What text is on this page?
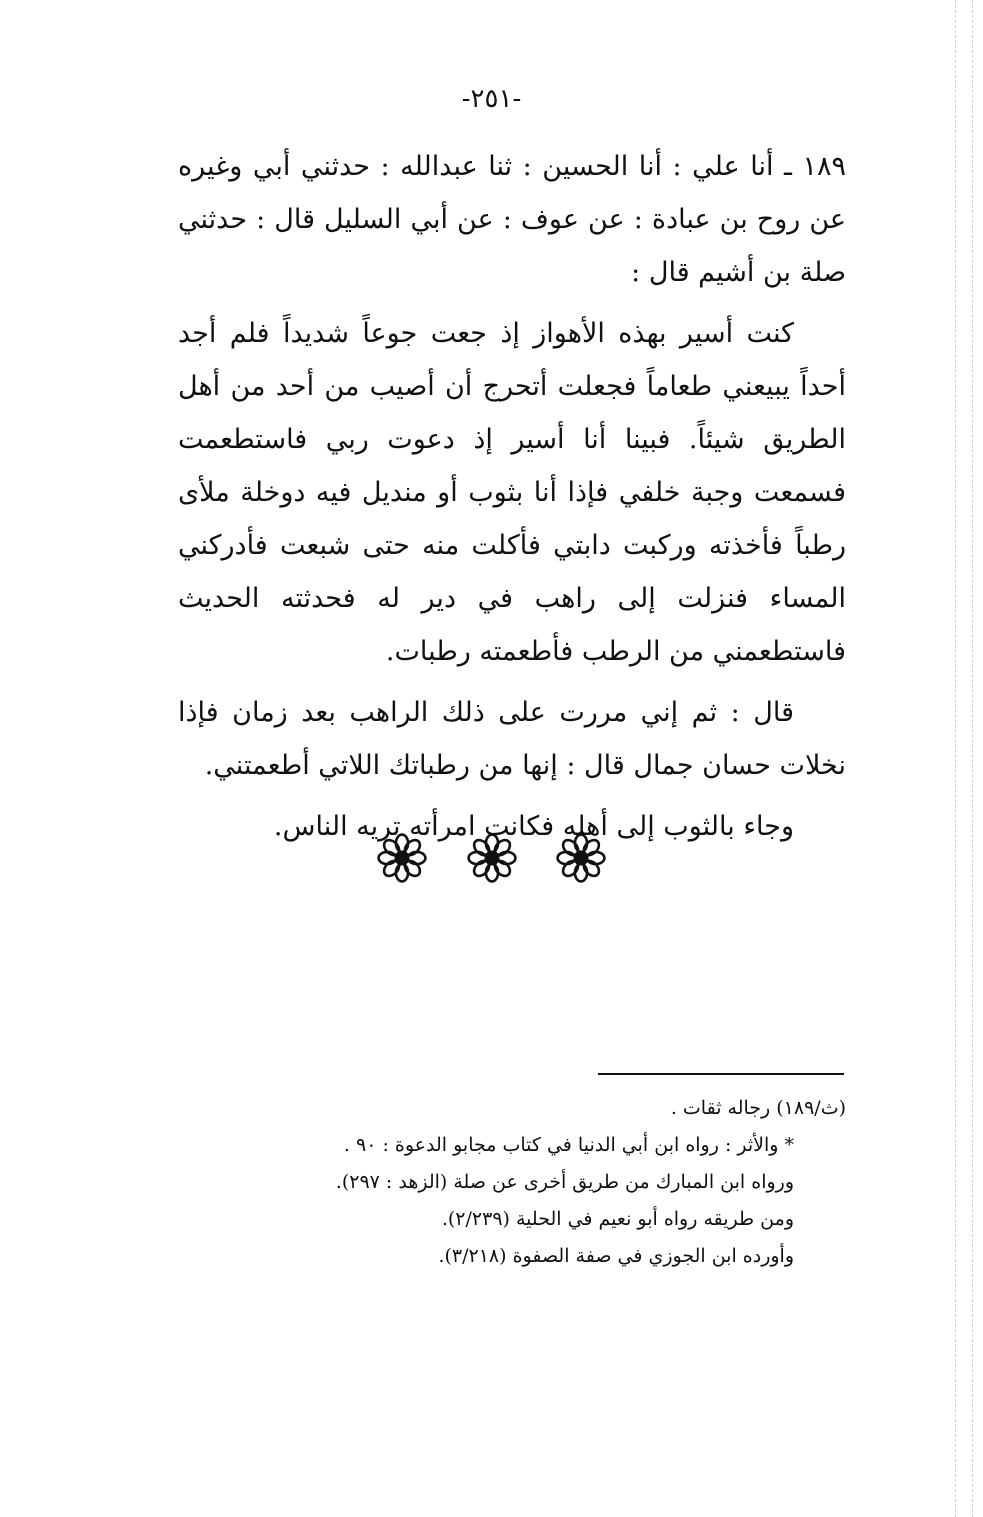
-٢٥١-

١٨٩ ـ أنا علي : أنا الحسين : ثنا عبدالله : حدثني أبي وغيره عن روح بن عبادة : عن عوف : عن أبي السليل قال : حدثني صلة بن أشيم قال :

كنت أسير بهذه الأهواز إذ جعت جوعاً شديداً فلم أجد أحداً يبيعني طعاماً فجعلت أتحرج أن أصيب من أحد من أهل الطريق شيئاً. فبينا أنا أسير إذ دعوت ربي فاستطعمت فسمعت وجبة خلفي فإذا أنا بثوب أو منديل فيه دوخلة ملأى رطباً فأخذته وركبت دابتي فأكلت منه حتى شبعت فأدركني المساء فنزلت إلى راهب في دير له فحدثته الحديث فاستطعمني من الرطب فأطعمته رطبات.

قال : ثم إني مررت على ذلك الراهب بعد زمان فإذا نخلات حسان جمال قال : إنها من رطباتك اللاتي أطعمتني.

وجاء بالثوب إلى أهله فكانت امرأته تريه الناس.

(ث/١٨٩) رجاله ثقات .

* والأثر : رواه ابن أبي الدنيا في كتاب مجابو الدعوة : ٩٠ .

ورواه ابن المبارك من طريق أخرى عن صلة (الزهد : ٢٩٧).

ومن طريقه رواه أبو نعيم في الحلية (٢/٢٣٩).

وأورده ابن الجوزي في صفة الصفوة (٣/٢١٨).
